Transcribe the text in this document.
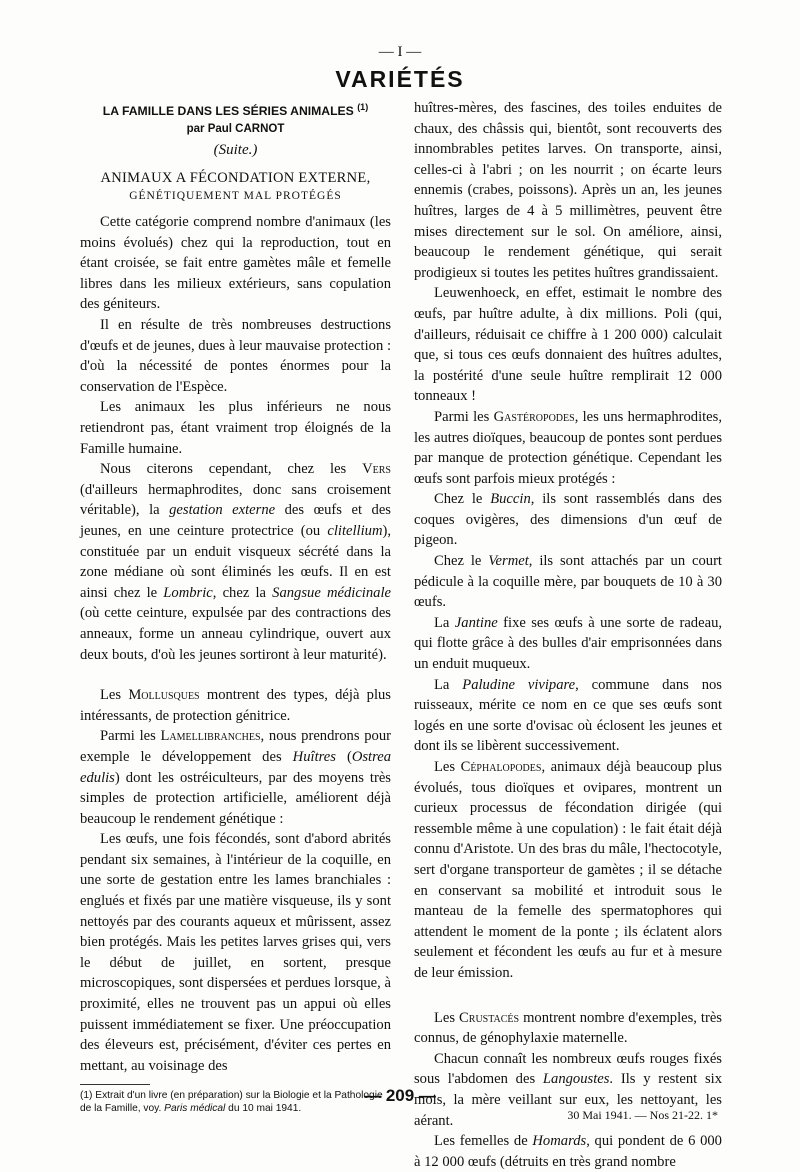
— I —
VARIÉTÉS
LA FAMILLE DANS LES SÉRIES ANIMALES $^{(1)}$
par Paul CARNOT
(Suite.)
ANIMAUX A FÉCONDATION EXTERNE,
GÉNÉTIQUEMENT MAL PROTÉGÉS

Cette catégorie comprend nombre d'animaux (les moins évolués) chez qui la reproduction, tout en étant croisée, se fait entre gamètes mâle et femelle libres dans les milieux extérieurs, sans copulation des géniteurs.

Il en résulte de très nombreuses destructions d'œufs et de jeunes, dues à leur mauvaise protection : d'où la nécessité de pontes énormes pour la conservation de l'Espèce.

Les animaux les plus inférieurs ne nous retiendront pas, étant vraiment trop éloignés de la Famille humaine.

Nous citerons cependant, chez les Vers (d'ailleurs hermaphrodites, donc sans croisement véritable), la gestation externe des œufs et des jeunes, en une ceinture protectrice (ou clitellium), constituée par un enduit visqueux sécrété dans la zone médiane où sont éliminés les œufs. Il en est ainsi chez le Lombric, chez la Sangsue médicinale (où cette ceinture, expulsée par des contractions des anneaux, forme un anneau cylindrique, ouvert aux deux bouts, d'où les jeunes sortiront à leur maturité).

Les Mollusques montrent des types, déjà plus intéressants, de protection génitrice.

Parmi les Lamellibranches, nous prendrons pour exemple le développement des Huîtres (Ostrea edulis) dont les ostréiculteurs, par des moyens très simples de protection artificielle, améliorent déjà beaucoup le rendement génétique :

Les œufs, une fois fécondés, sont d'abord abrités pendant six semaines, à l'intérieur de la coquille, en une sorte de gestation entre les lames branchiales : englués et fixés par une matière visqueuse, ils y sont nettoyés par des courants aqueux et mûrissent, assez bien protégés. Mais les petites larves grises qui, vers le début de juillet, en sortent, presque microscopiques, sont dispersées et perdues lorsque, à proximité, elles ne trouvent pas un appui où elles puissent immédiatement se fixer. Une préoccupation des éleveurs est, précisément, d'éviter ces pertes en mettant, au voisinage des

(1) Extrait d'un livre (en préparation) sur la Biologie et la Pathologie de la Famille, voy. Paris médical du 10 mai 1941.

huîtres-mères, des fascines, des toiles enduites de chaux, des châssis qui, bientôt, sont recouverts des innombrables petites larves. On transporte, ainsi, celles-ci à l'abri ; on les nourrit ; on écarte leurs ennemis (crabes, poissons). Après un an, les jeunes huîtres, larges de 4 à 5 millimètres, peuvent être mises directement sur le sol. On améliore, ainsi, beaucoup le rendement génétique, qui serait prodigieux si toutes les petites huîtres grandissaient.

Leuwenhoeck, en effet, estimait le nombre des œufs, par huître adulte, à dix millions. Poli (qui, d'ailleurs, réduisait ce chiffre à 1 200 000) calculait que, si tous ces œufs donnaient des huîtres adultes, la postérité d'une seule huître remplirait 12 000 tonneaux !

Parmi les Gastéropodes, les uns hermaphrodites, les autres dioïques, beaucoup de pontes sont perdues par manque de protection génétique. Cependant les œufs sont parfois mieux protégés :

Chez le Buccin, ils sont rassemblés dans des coques ovigères, des dimensions d'un œuf de pigeon.

Chez le Vermet, ils sont attachés par un court pédicule à la coquille mère, par bouquets de 10 à 30 œufs.

La Jantine fixe ses œufs à une sorte de radeau, qui flotte grâce à des bulles d'air emprisonnées dans un enduit muqueux.

La Paludine vivipare, commune dans nos ruisseaux, mérite ce nom en ce que ses œufs sont logés en une sorte d'ovisac où éclosent les jeunes et dont ils se libèrent successivement.

Les Céphalopodes, animaux déjà beaucoup plus évolués, tous dioïques et ovipares, montrent un curieux processus de fécondation dirigée (qui ressemble même à une copulation) : le fait était déjà connu d'Aristote. Un des bras du mâle, l'hectocotyle, sert d'organe transporteur de gamètes ; il se détache en conservant sa mobilité et introduit sous le manteau de la femelle des spermatophores qui attendent le moment de la ponte ; ils éclatent alors seulement et fécondent les œufs au fur et à mesure de leur émission.

Les Crustacés montrent nombre d'exemples, très connus, de génophylaxie maternelle.

Chacun connaît les nombreux œufs rouges fixés sous l'abdomen des Langoustes. Ils y restent six mois, la mère veillant sur eux, les nettoyant, les aérant.

Les femelles de Homards, qui pondent de 6 000 à 12 000 œufs (détruits en très grand nombre

— 209 —
30 Mai 1941. — Nos 21-22. 1*
